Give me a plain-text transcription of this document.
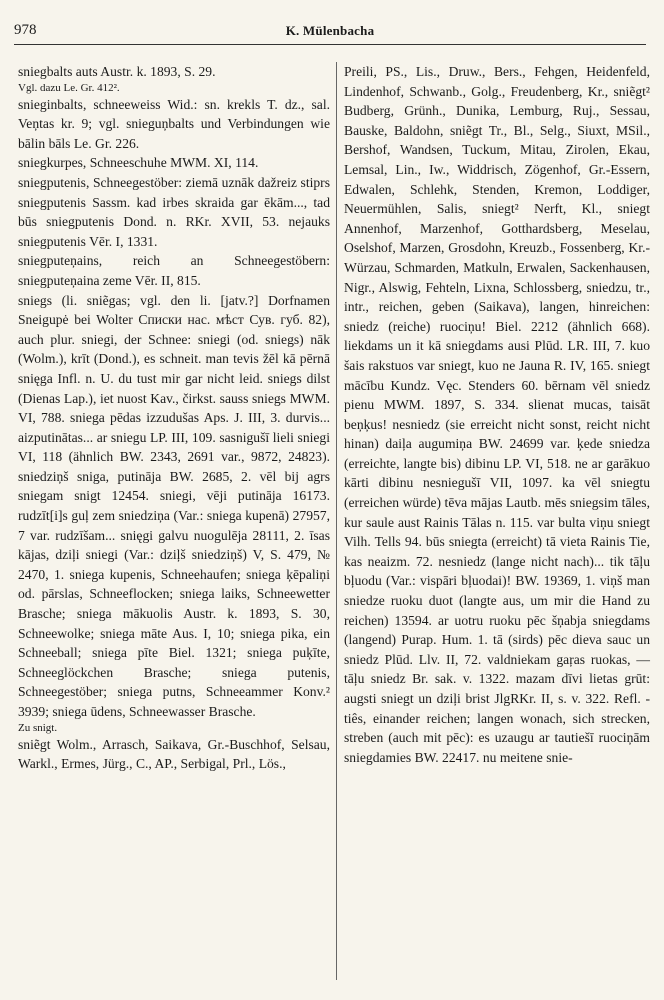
978	K. Mülenbacha

sniegbalts auts Austr. k. 1893, S. 29.
Vgl. dazu Le. Gr. 412².

snieginbalts, schneeweiss Wid.: sn. krekls T. dz., sal. Veņtas kr. 9; vgl. snieguņbalts und Verbindungen wie bālin bāls Le. Gr. 226.

sniegkurpes, Schneeschuhe MWM. XI, 114.

sniegputenis, Schneegestöber: ziemā uznāk dažreiz stiprs sniegputenis Sassm. kad irbes skraida gar ēkām..., tad būs sniegputenis Dond. n. RKr. XVII, 53. nejauks sniegputenis Vēr. I, 1331.

sniegputeņains, reich an Schneegestöbern: sniegputeņaina zeme Vēr. II, 815.

sniegs (li. sniẽgas; vgl. den li. [jatv.?] Dorfnamen Sneigupė bei Wolter Списки нас. мѣст Сув. губ. 82), auch plur. sniegi, der Schnee: sniegi (od. sniegs) nāk (Wolm.), krīt (Dond.), es schneit. man tevis žēl kā pērnā snięga Infl. n. U. du tust mir gar nicht leid. sniegs dilst (Dienas Lap.), iet nuost Kav., čirkst. sauss sniegs MWM. VI, 788. sniega pēdas izzudušas Aps. J. III, 3. durvis... aizputinātas... ar sniegu LP. III, 109. sasnigušī lieli sniegi VI, 118 (ähnlich BW. 2343, 2691 var., 9872, 24823). sniedziņš sniga, putināja BW. 2685, 2. vēl bij agrs sniegam snigt 12454. sniegi, vēji putināja 16173. rudzīt[i]s guļ zem sniedziņa (Var.: sniega kupenā) 27957, 7 var. rudzīšam... snięgi galvu nuogulēja 28111, 2. īsas kājas, dziļi sniegi (Var.: dziļš sniedziņš) V, S. 479, № 2470, 1. sniega kupenis, Schneehaufen; sniega ķēpaliņi od. pārslas, Schneeflocken; sniega laiks, Schneewetter Brasche; sniega mākuolis Austr. k. 1893, S. 30, Schneewolke; sniega māte Aus. I, 10; sniega pika, ein Schneeball; sniega pīte Biel. 1321; sniega puķīte, Schneeglöckchen Brasche; sniega putenis, Schneegestöber; sniega putns, Schneeammer Konv.² 3939; sniega ūdens, Schneewasser Brasche.
Zu snigt.

sniẽgt Wolm., Arrasch, Saikava, Gr.-Buschhof, Selsau, Warkl., Ermes, Jürg., C., AP., Serbigal, Prl., Lös.,

Preili, PS., Lis., Druw., Bers., Fehgen, Heidenfeld, Lindenhof, Schwanb., Golg., Freudenberg, Kr., sniẽgt² Budberg, Grünh., Dunika, Lemburg, Ruj., Sessau, Bauske, Baldohn, sniẽgt Tr., Bl., Selg., Siuxt, MSil., Bershof, Wandsen, Tuckum, Mitau, Zirolen, Ekau, Lemsal, Lin., Iw., Widdrisch, Zögenhof, Gr.-Essern, Edwalen, Schlehk, Stenden, Kremon, Loddiger, Neuermühlen, Salis, sniegt² Nerft, Kl., sniegt Annenhof, Marzenhof, Gotthardsberg, Meselau, Oselshof, Marzen, Grosdohn, Kreuzb., Fossenberg, Kr.-Würzau, Schmarden, Matkuln, Erwalen, Sackenhausen, Nigr., Alswig, Fehteln, Lixna, Schlossberg, sniedzu, tr., intr., reichen, geben (Saikava), langen, hinreichen: sniedz (reiche) ruociņu! Biel. 2212 (ähnlich 668). liekdams un it kā sniegdams ausi Plūd. LR. III, 7. kuo šais rakstuos var sniegt, kuo ne Jauna R. IV, 165. sniegt mācību Kundz. Vęc. Stenders 60. bērnam vēl sniedz pienu MWM. 1897, S. 334. slienat mucas, taisāt beņķus! nesniedz (sie erreicht nicht sonst, reicht nicht hinan) daiļa augumiņa BW. 24699 var. ķede sniedza (erreichte, langte bis) dibinu LP. VI, 518. ne ar garākuo kārti dibinu nesniegušī VII, 1097. ka vēl sniegtu (erreichen würde) tēva mājas Lautb. mēs sniegsim tāles, kur saule aust Rainis Tālas n. 115. var bulta viņu sniegt Vilh. Tells 94. būs sniegta (erreicht) tā vieta Rainis Tie, kas neaizm. 72. nesniedz (lange nicht nach)... tik tāļu bļuodu (Var.: vispāri bļuodai)! BW. 19369, 1. viņš man sniedze ruoku duot (langte aus, um mir die Hand zu reichen) 13594. ar uotru ruoku pēc šņabja sniegdams (langend) Purap. Hum. 1. tā (sirds) pēc dieva sauc un sniedz Plūd. Llv. II, 72. valdniekam gaŗas ruokas, — tāļu sniedz Br. sak. v. 1322. mazam dīvi lietas grūt: augsti sniegt un dziļi brist JlgRKr. II, s. v. 322. Refl. -tiês, einander reichen; langen wonach, sich strecken, streben (auch mit pēc): es uzaugu ar tautiešī ruociņām sniegdamies BW. 22417. nu meitene snie-
